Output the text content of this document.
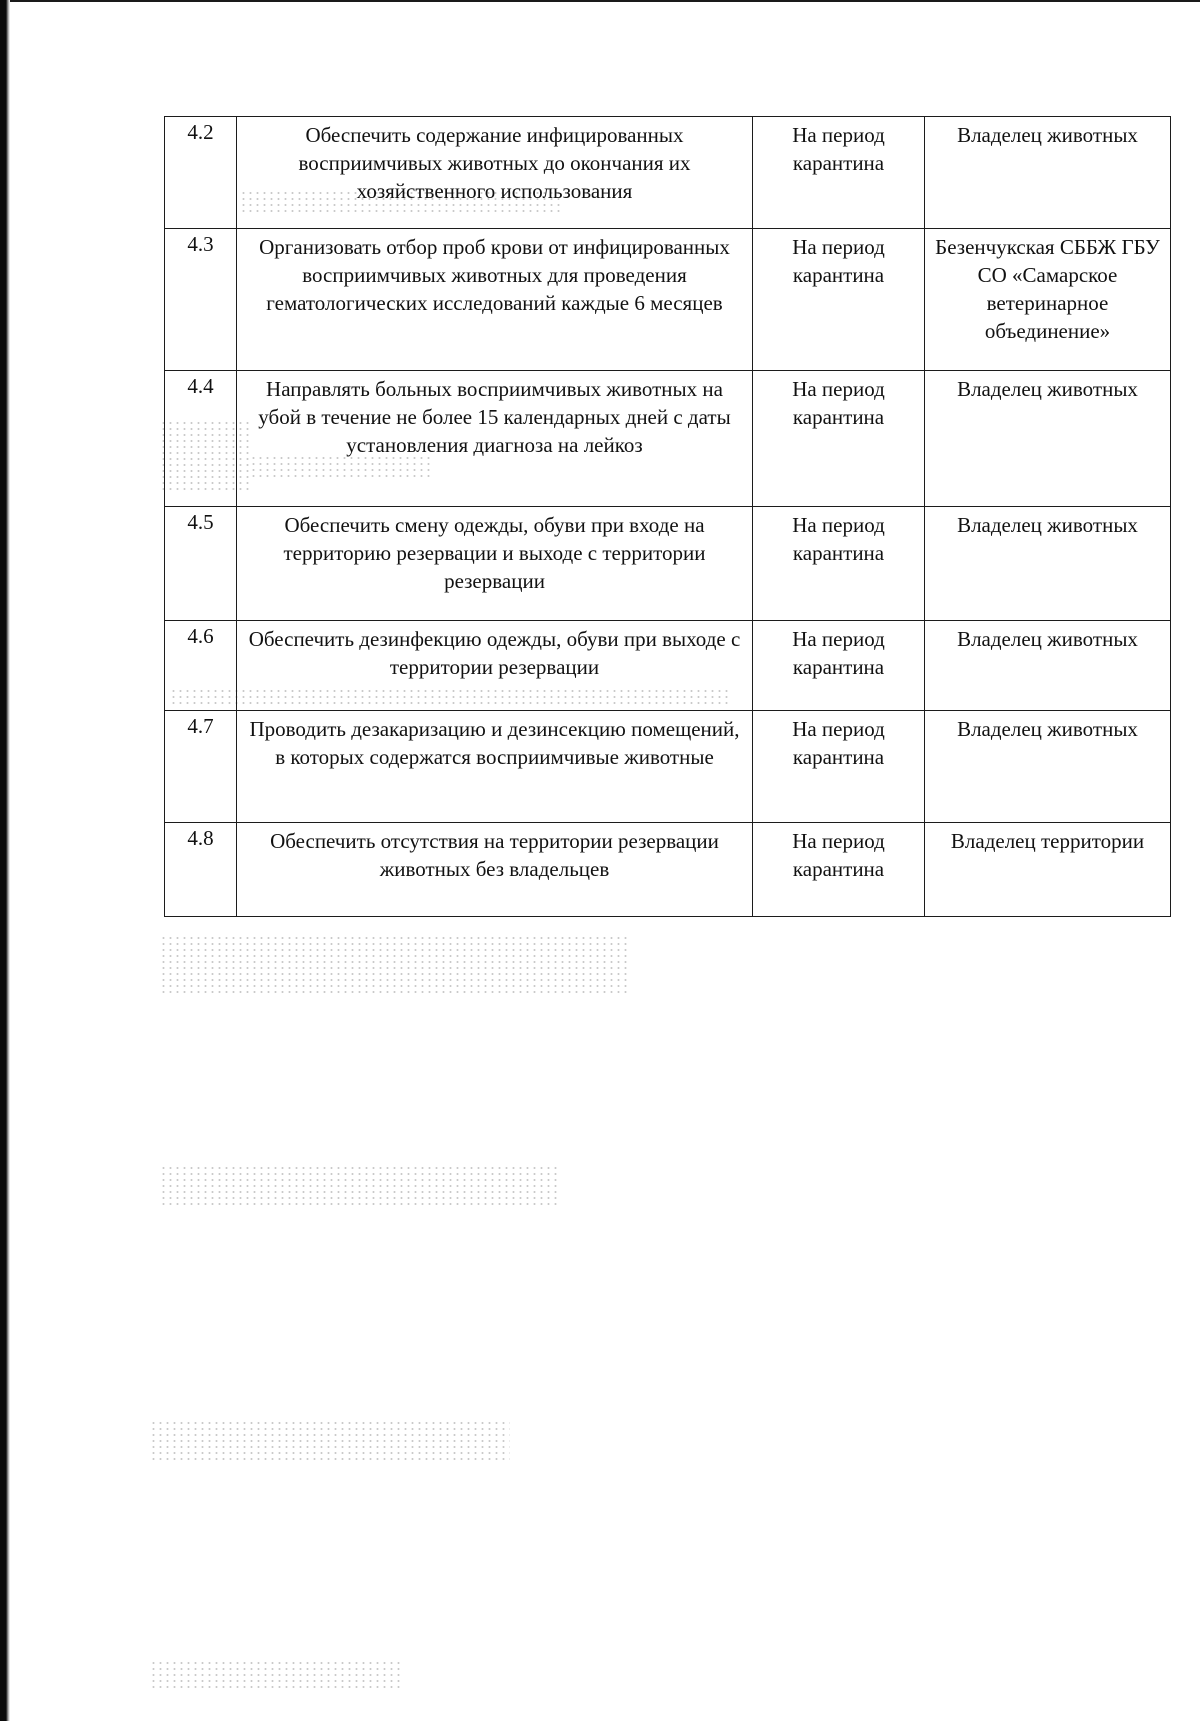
4.2	Обеспечить содержание инфицированных восприимчивых животных до окончания их хозяйственного использования	На период карантина	Владелец животных
4.3	Организовать отбор проб крови от инфицированных восприимчивых животных для проведения гематологических исследований каждые 6 месяцев	На период карантина	Безенчукская СББЖ ГБУ СО «Самарское ветеринарное объединение»
4.4	Направлять больных восприимчивых животных на убой в течение не более 15 календарных дней с даты установления диагноза на лейкоз	На период карантина	Владелец животных
4.5	Обеспечить смену одежды, обуви при входе на территорию резервации и выходе с территории резервации	На период карантина	Владелец животных
4.6	Обеспечить дезинфекцию одежды, обуви при выходе с территории резервации	На период карантина	Владелец животных
4.7	Проводить дезакаризацию и дезинсекцию помещений, в которых содержатся восприимчивые животные	На период карантина	Владелец животных
4.8	Обеспечить отсутствия на территории резервации животных без владельцев	На период карантина	Владелец территории
